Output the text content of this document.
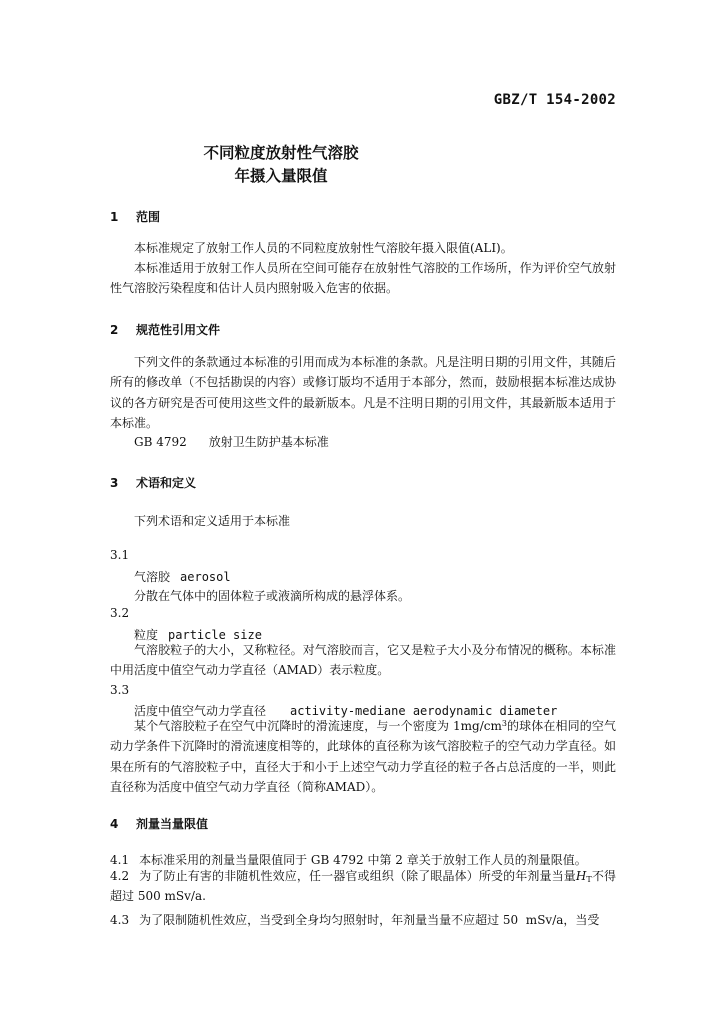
GBZ/T 154-2002
不同粒度放射性气溶胶
年摄入量限值
1 范围
本标准规定了放射工作人员的不同粒度放射性气溶胶年摄入限值(ALI)。
本标准适用于放射工作人员所在空间可能存在放射性气溶胶的工作场所，作为评价空气放射性气溶胶污染程度和估计人员内照射吸入危害的依据。
2 规范性引用文件
下列文件的条款通过本标准的引用而成为本标准的条款。凡是注明日期的引用文件，其随后所有的修改单（不包括勘误的内容）或修订版均不适用于本部分，然而，鼓励根据本标准达成协议的各方研究是否可使用这些文件的最新版本。凡是不注明日期的引用文件，其最新版本适用于本标准。
GB 4792 放射卫生防护基本标准
3 术语和定义
下列术语和定义适用于本标准
3.1
气溶胶 aerosol
分散在气体中的固体粒子或液滴所构成的悬浮体系。
3.2
粒度 particle size
气溶胶粒子的大小，又称粒径。对气溶胶而言，它又是粒子大小及分布情况的概称。本标准中用活度中值空气动力学直径（AMAD）表示粒度。
3.3
活度中值空气动力学直径 activity-mediane aerodynamic diameter
某个气溶胶粒子在空气中沉降时的滑流速度，与一个密度为 $1mg/cm^3$的球体在相同的空气动力学条件下沉降时的滑流速度相等的，此球体的直径称为该气溶胶粒子的空气动力学直径。如果在所有的气溶胶粒子中，直径大于和小于上述空气动力学直径的粒子各占总活度的一半，则此直径称为活度中值空气动力学直径（简称AMAD）。
4 剂量当量限值
4.1 本标准采用的剂量当量限值同于 GB 4792 中第 2 章关于放射工作人员的剂量限值。
4.2 为了防止有害的非随机性效应，任一器官或组织（除了眼晶体）所受的年剂量当量$H_T$不得超过 500 mSv/a.
4.3 为了限制随机性效应，当受到全身均匀照射时，年剂量当量不应超过 50  mSv/a，当受
